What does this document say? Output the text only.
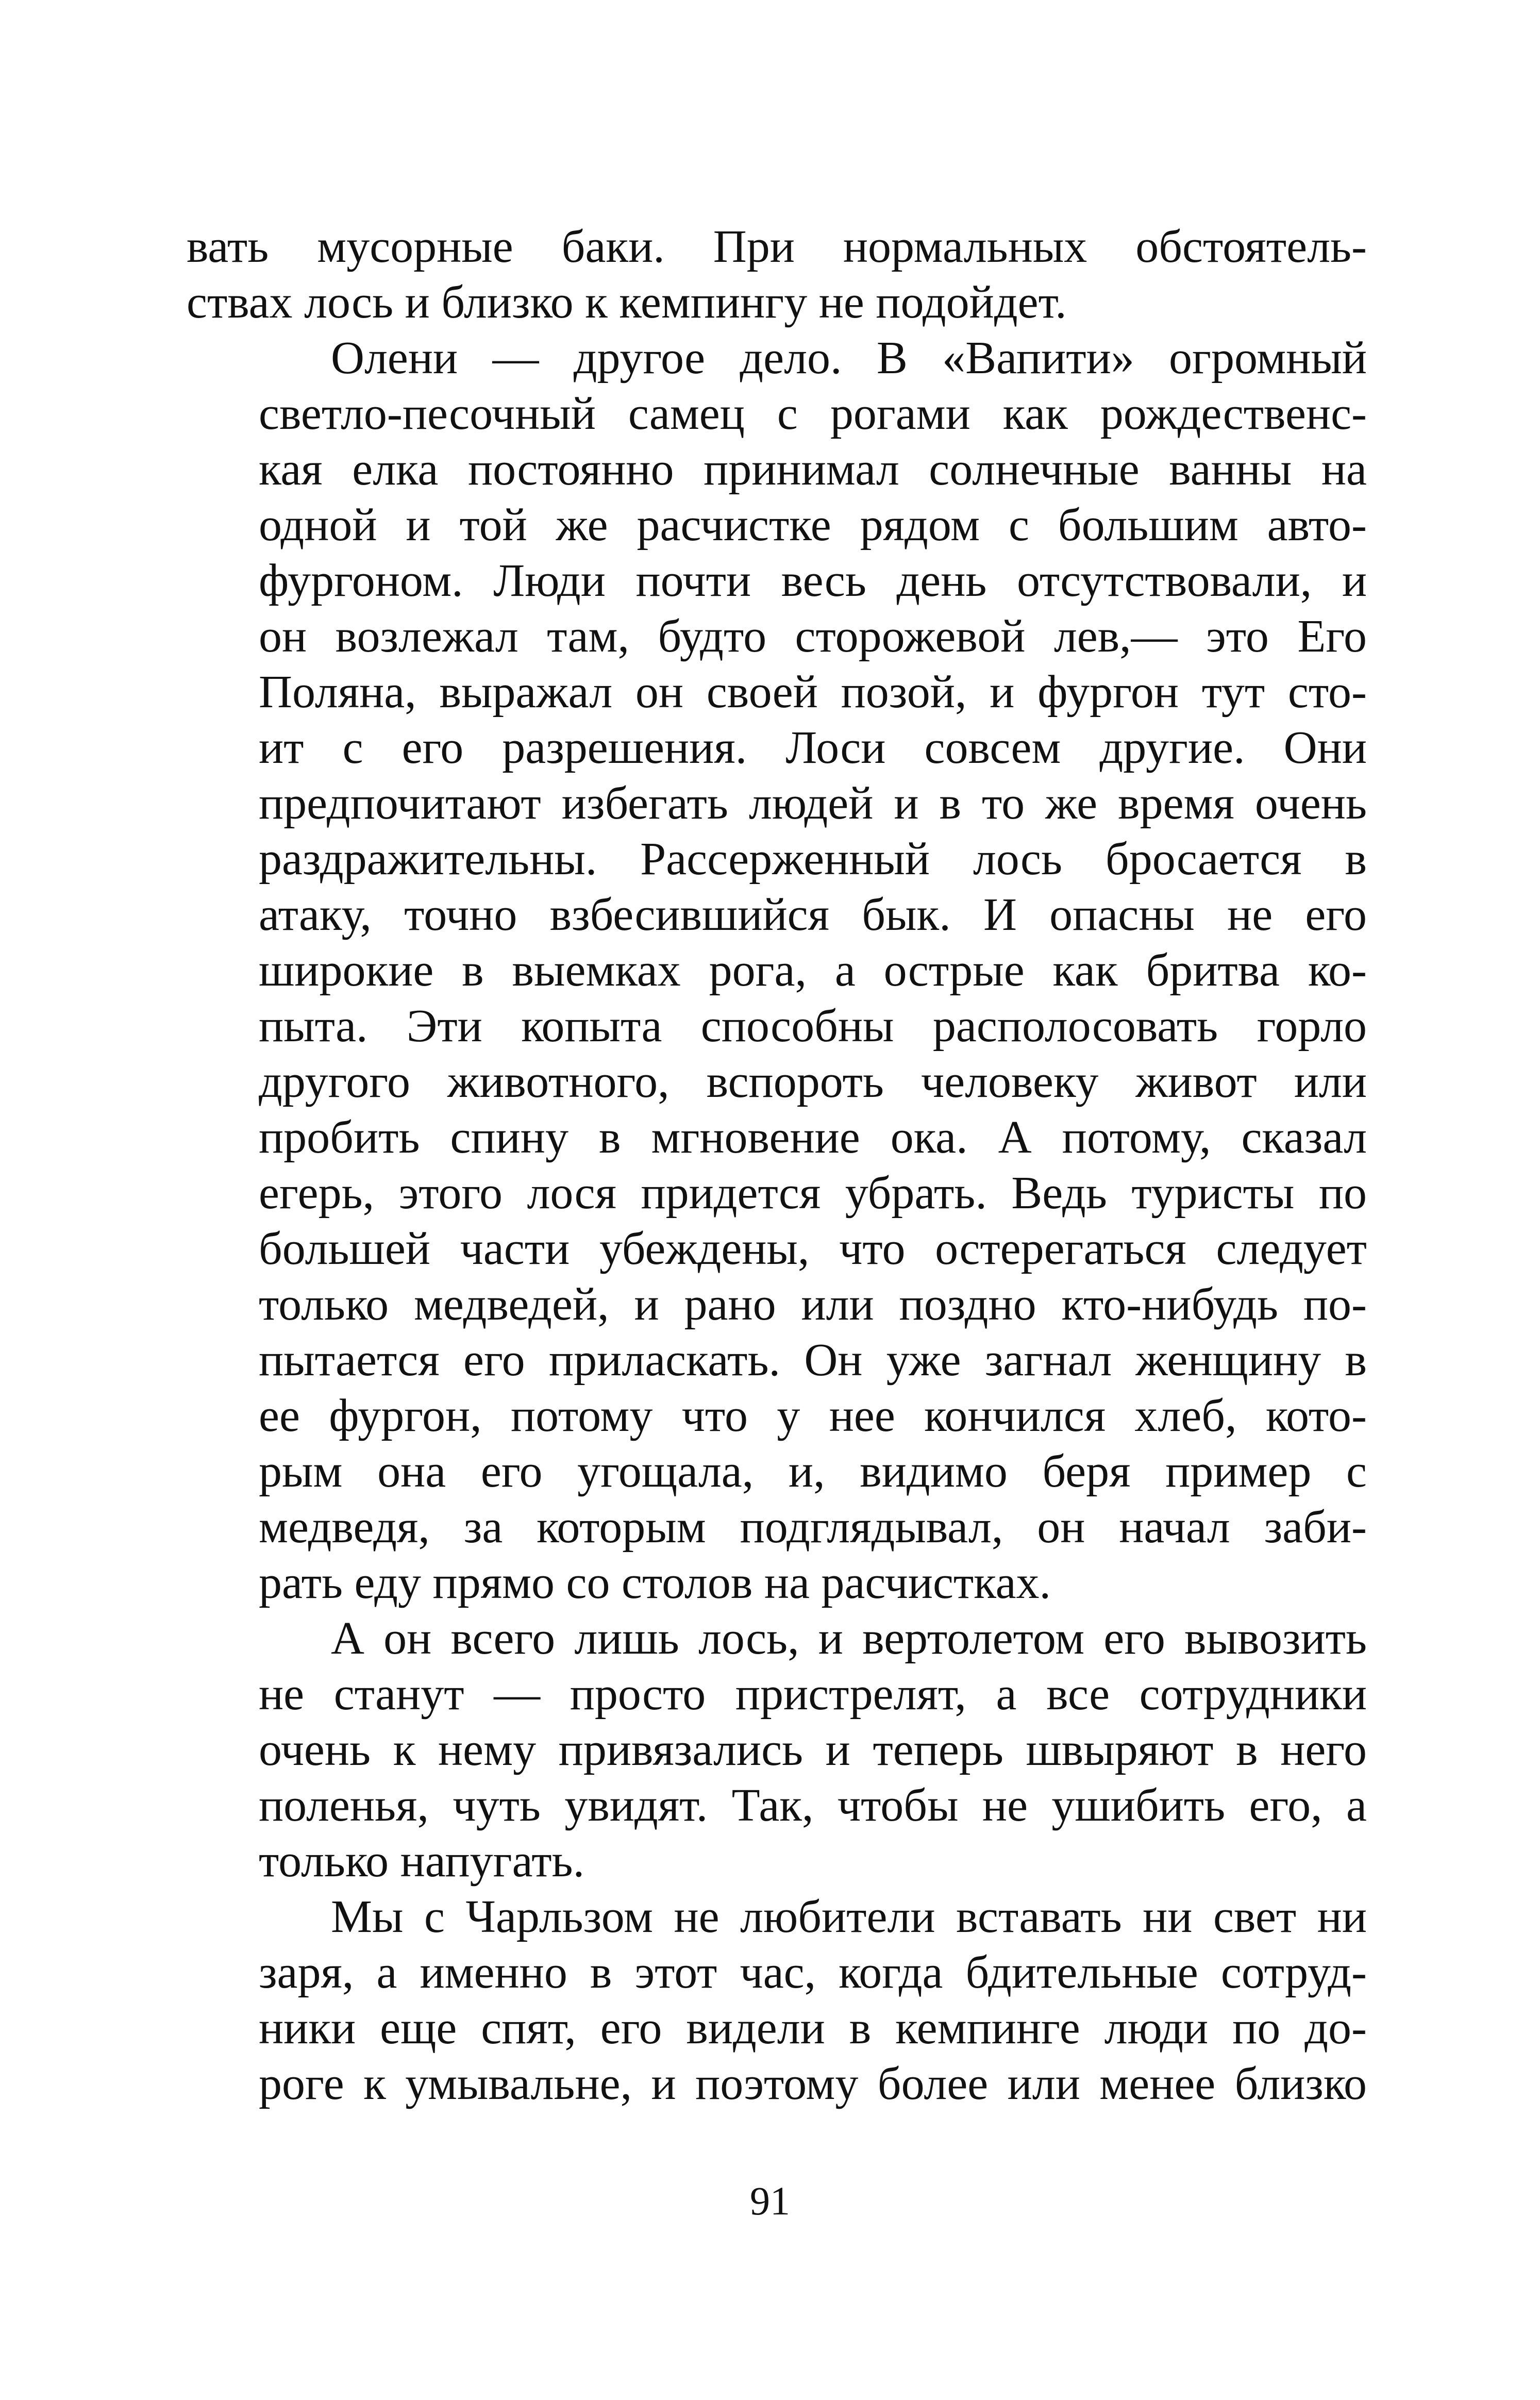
вать мусорные баки. При нормальных обстоятель-
ствах лось и близко к кемпингу не подойдет.
Олени — другое дело. В «Вапити» огромный
светло-песочный самец с рогами как рождественс-
кая елка постоянно принимал солнечные ванны на
одной и той же расчистке рядом с большим авто-
фургоном. Люди почти весь день отсутствовали, и
он возлежал там, будто сторожевой лев,— это Его
Поляна, выражал он своей позой, и фургон тут сто-
ит с его разрешения. Лоси совсем другие. Они
предпочитают избегать людей и в то же время очень
раздражительны. Рассерженный лось бросается в
атаку, точно взбесившийся бык. И опасны не его
широкие в выемках рога, а острые как бритва ко-
пыта. Эти копыта способны располосовать горло
другого животного, вспороть человеку живот или
пробить спину в мгновение ока. А потому, сказал
егерь, этого лося придется убрать. Ведь туристы по
большей части убеждены, что остерегаться следует
только медведей, и рано или поздно кто-нибудь по-
пытается его приласкать. Он уже загнал женщину в
ее фургон, потому что у нее кончился хлеб, кото-
рым она его угощала, и, видимо беря пример с
медведя, за которым подглядывал, он начал заби-
рать еду прямо со столов на расчистках.
А он всего лишь лось, и вертолетом его вывозить
не станут — просто пристрелят, а все сотрудники
очень к нему привязались и теперь швыряют в него
поленья, чуть увидят. Так, чтобы не ушибить его, а
только напугать.
Мы с Чарльзом не любители вставать ни свет ни
заря, а именно в этот час, когда бдительные сотруд-
ники еще спят, его видели в кемпинге люди по до-
роге к умывальне, и поэтому более или менее близко
91
